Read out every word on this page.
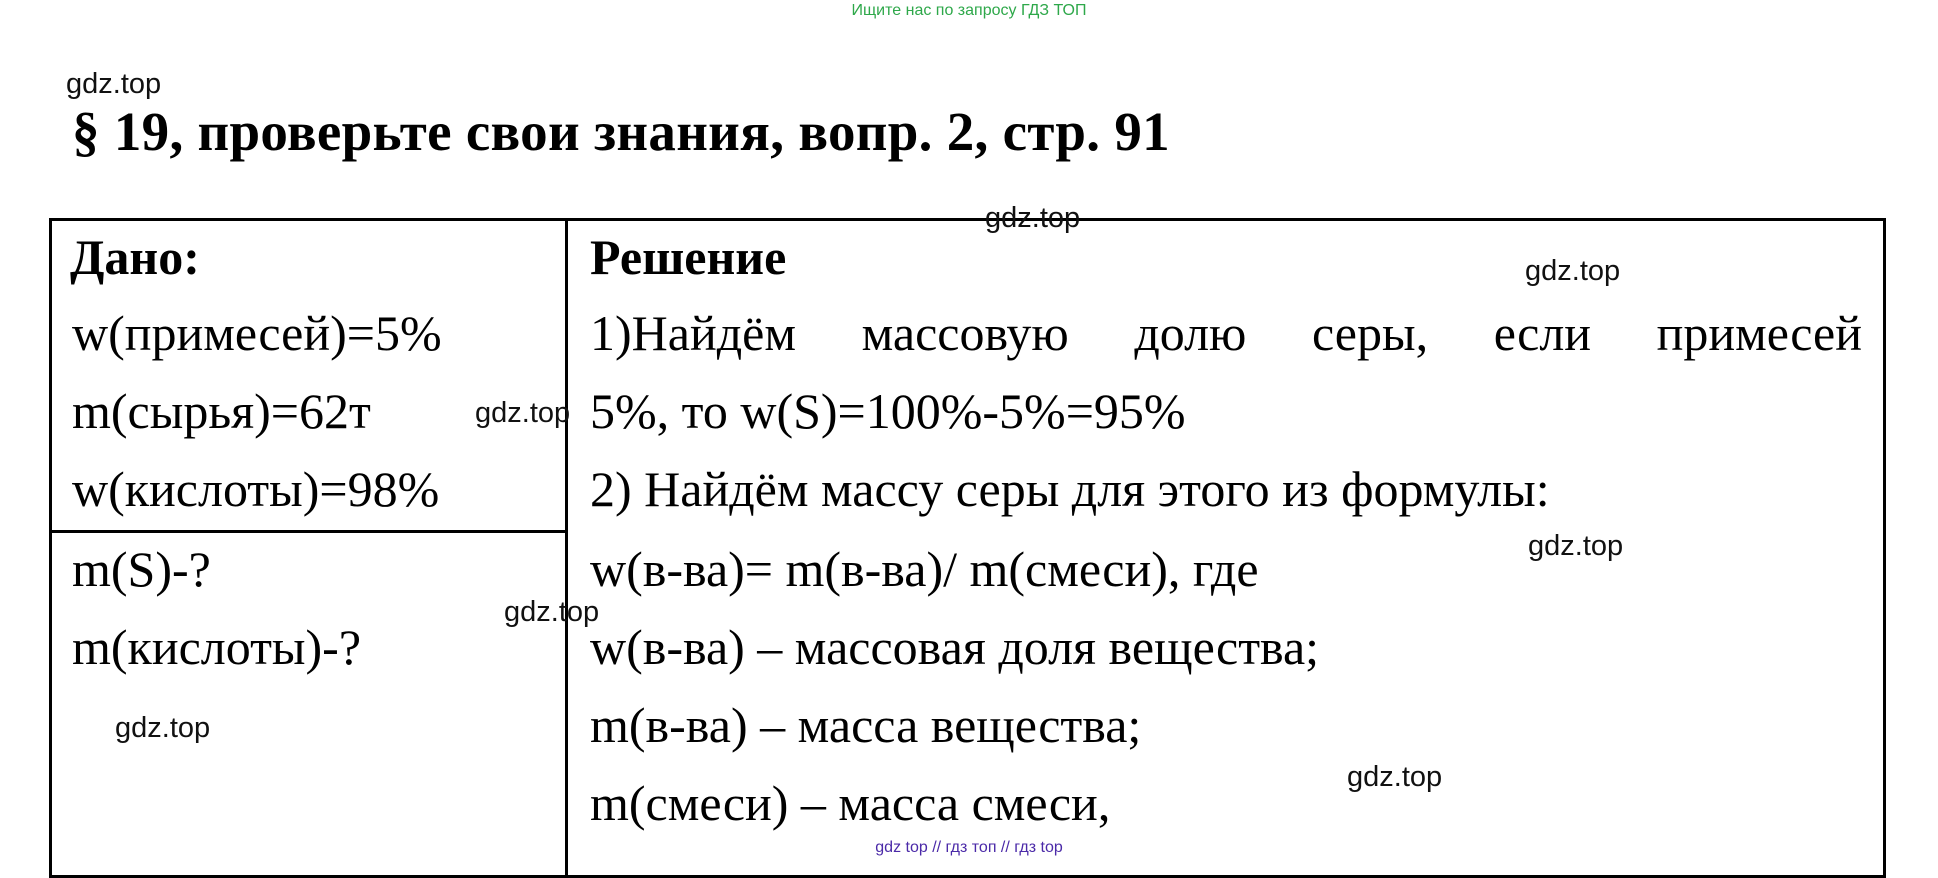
Ищите нас по запросу ГДЗ ТОП
gdz.top
§ 19, проверьте свои знания, вопр. 2, стр. 91
Дано:
w(примесей)=5%
m(сырья)=62т
w(кислоты)=98%
m(S)-?
m(кислоты)-?
Решение
1)Найдём массовую долю серы, если примесей
5%, то w(S)=100%-5%=95%
2) Найдём массу серы для этого из формулы:
w(в-ва)= m(в-ва)/ m(смеси), где
w(в-ва) – массовая доля вещества;
m(в-ва) – масса вещества;
m(смеси) – масса смеси,
gdz.top
gdz.top
gdz.top
gdz.top
gdz.top
gdz.top
gdz.top
gdz top // гдз топ // гдз top
